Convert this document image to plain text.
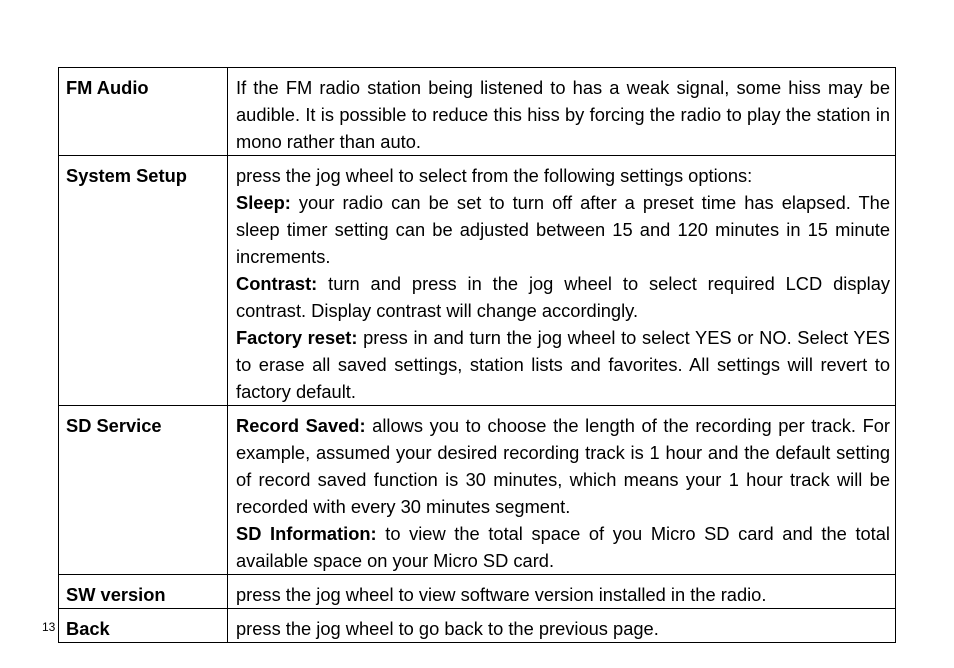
FM Audio	If the FM radio station being listened to has a weak signal, some hiss may be audible. It is possible to reduce this hiss by forcing the radio to play the station in mono rather than auto.

System Setup	press the jog wheel to select from the following settings options:

Sleep: your radio can be set to turn off after a preset time has elapsed. The sleep timer setting can be adjusted between 15 and 120 minutes in 15 minute increments.

Contrast: turn and press in the jog wheel to select required LCD display contrast. Display contrast will change accordingly.

Factory reset: press in and turn the jog wheel to select YES or NO. Select YES to erase all saved settings, station lists and favorites. All settings will revert to factory default.

SD Service	Record Saved: allows you to choose the length of the recording per track. For example, assumed your desired recording track is 1 hour and the default setting of record saved function is 30 minutes, which means your 1 hour track will be recorded with every 30 minutes segment.

SD Information: to view the total space of you Micro SD card and the total available space on your Micro SD card.

SW version	press the jog wheel to view software version installed in the radio.

Back	press the jog wheel to go back to the previous page.

13
